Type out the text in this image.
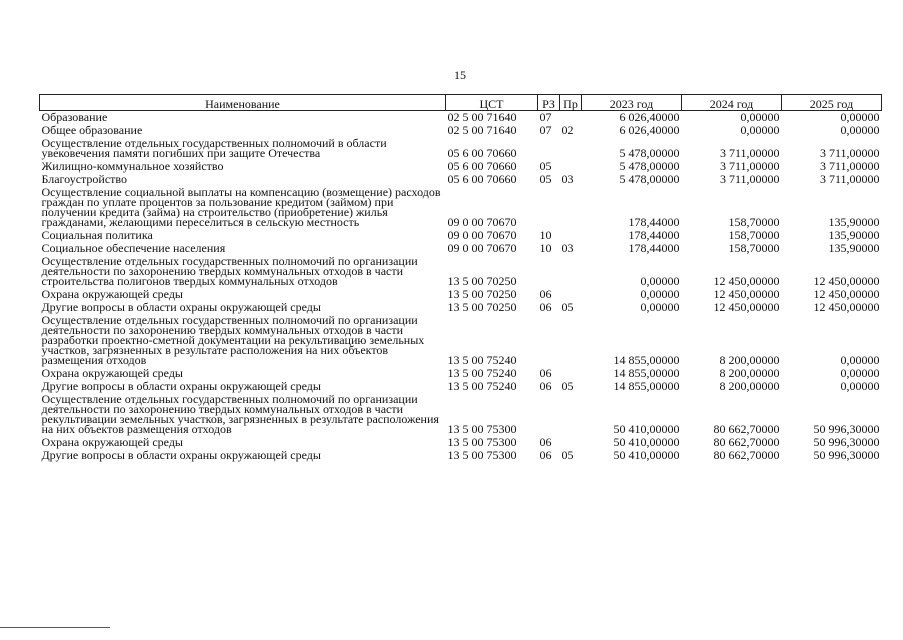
15
Наименование	ЦСТ	РЗ	Пр	2023 год	2024 год	2025 год
Образование	02 5 00 71640	07		6 026,40000	0,00000	0,00000
Общее образование	02 5 00 71640	07	02	6 026,40000	0,00000	0,00000
Осуществление отдельных государственных полномочий в области увековечения памяти погибших при защите Отечества	05 6 00 70660			5 478,00000	3 711,00000	3 711,00000
Жилищно-коммунальное хозяйство	05 6 00 70660	05		5 478,00000	3 711,00000	3 711,00000
Благоустройство	05 6 00 70660	05	03	5 478,00000	3 711,00000	3 711,00000
Осуществление социальной выплаты на компенсацию (возмещение) расходов граждан по уплате процентов за пользование кредитом (займом) при получении кредита (займа) на строительство (приобретение) жилья гражданами, желающими переселиться в сельскую местность	09 0 00 70670			178,44000	158,70000	135,90000
Социальная политика	09 0 00 70670	10		178,44000	158,70000	135,90000
Социальное обеспечение населения	09 0 00 70670	10	03	178,44000	158,70000	135,90000
Осуществление отдельных государственных полномочий по организации деятельности по захоронению твердых коммунальных отходов в части строительства полигонов твердых коммунальных отходов	13 5 00 70250			0,00000	12 450,00000	12 450,00000
Охрана окружающей среды	13 5 00 70250	06		0,00000	12 450,00000	12 450,00000
Другие вопросы в области охраны окружающей среды	13 5 00 70250	06	05	0,00000	12 450,00000	12 450,00000
Осуществление отдельных государственных полномочий по организации деятельности по захоронению твердых коммунальных отходов в части разработки проектно-сметной документации на рекультивацию земельных участков, загрязненных в результате расположения на них объектов размещения отходов	13 5 00 75240			14 855,00000	8 200,00000	0,00000
Охрана окружающей среды	13 5 00 75240	06		14 855,00000	8 200,00000	0,00000
Другие вопросы в области охраны окружающей среды	13 5 00 75240	06	05	14 855,00000	8 200,00000	0,00000
Осуществление отдельных государственных полномочий по организации деятельности по захоронению твердых коммунальных отходов в части рекультивации земельных участков, загрязненных в результате расположения на них объектов размещения отходов	13 5 00 75300			50 410,00000	80 662,70000	50 996,30000
Охрана окружающей среды	13 5 00 75300	06		50 410,00000	80 662,70000	50 996,30000
Другие вопросы в области охраны окружающей среды	13 5 00 75300	06	05	50 410,00000	80 662,70000	50 996,30000
